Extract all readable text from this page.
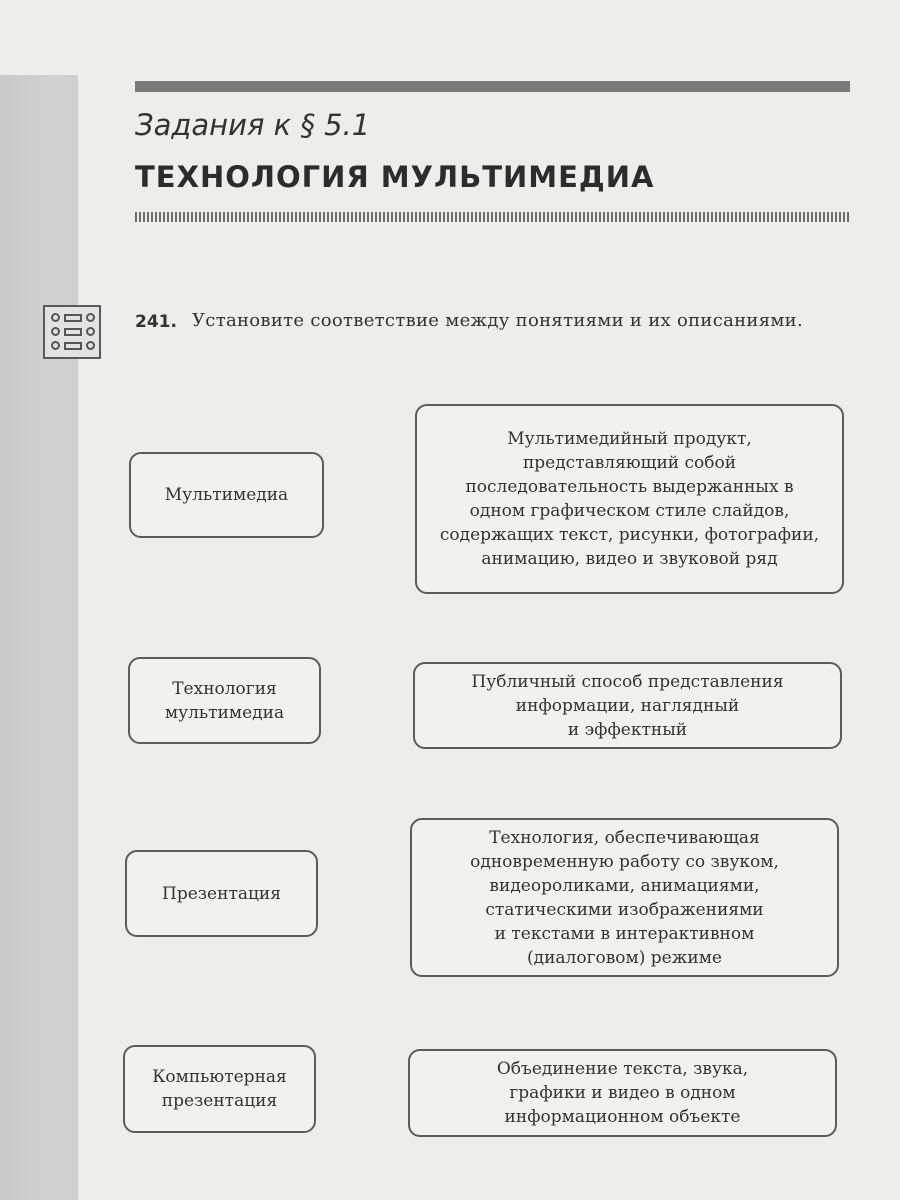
Задания к § 5.1
ТЕХНОЛОГИЯ МУЛЬТИМЕДИА
241. Установите соответствие между понятиями и их описаниями.
Мультимедиа
Технология
мультимедиа
Презентация
Компьютерная
презентация
Мультимедийный продукт, представляющий собой последовательность выдержанных в одном графическом стиле слайдов, содержащих текст, рисунки, фотографии, анимацию, видео и звуковой ряд
Публичный способ представления
информации, наглядный
и эффектный
Технология, обеспечивающая
одновременную работу со звуком,
видеороликами, анимациями,
статическими изображениями
и текстами в интерактивном
(диалоговом) режиме
Объединение текста, звука,
графики и видео в одном
информационном объекте
